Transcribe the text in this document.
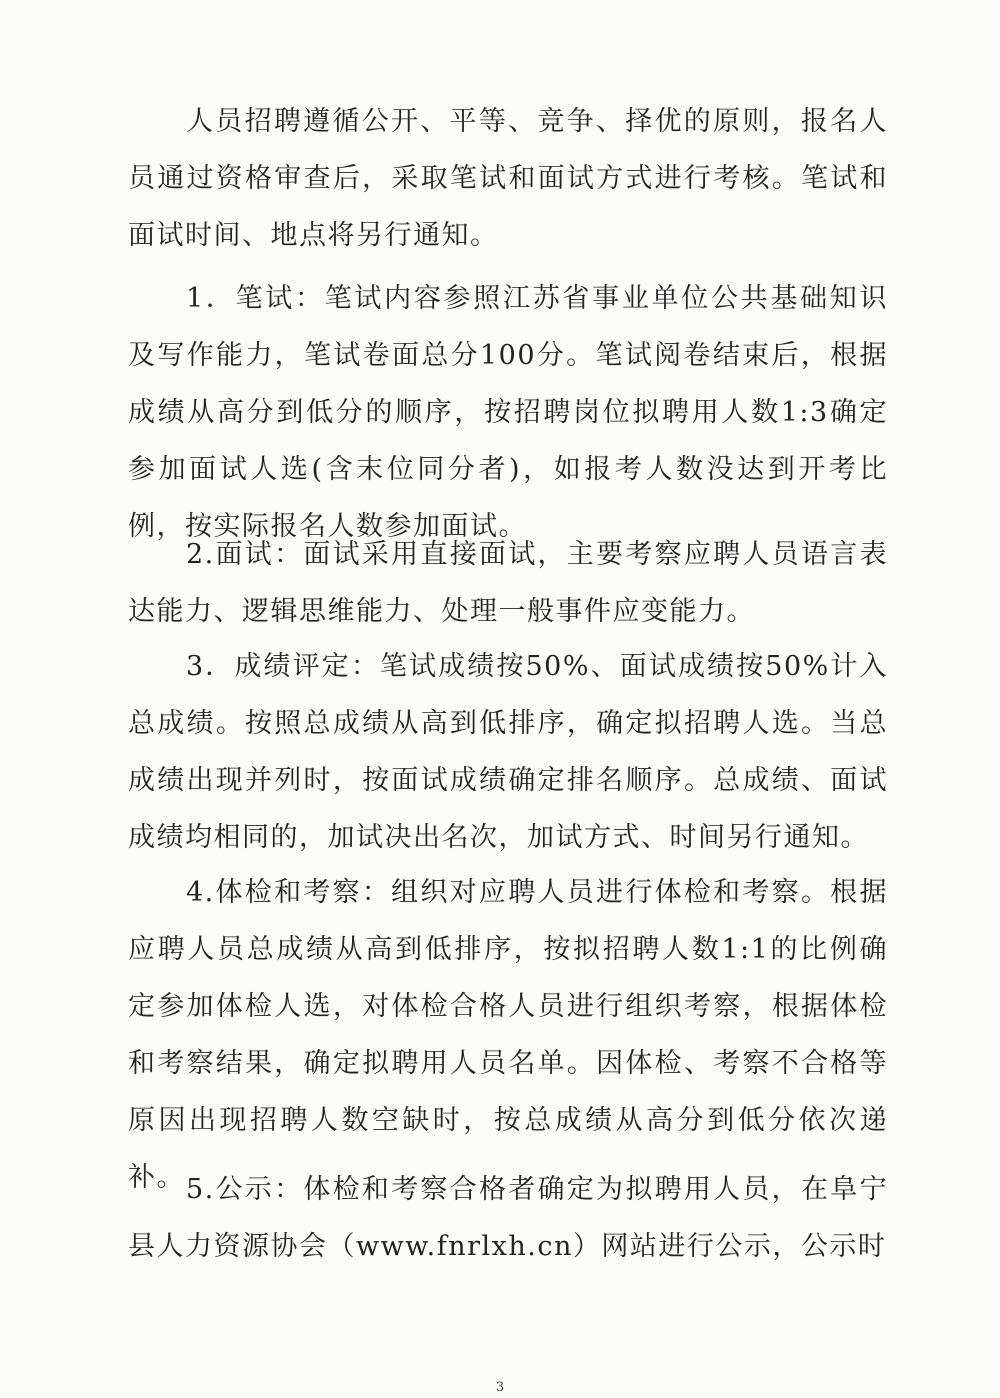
人员招聘遵循公开、平等、竞争、择优的原则，报名人员通过资格审查后，采取笔试和面试方式进行考核。笔试和面试时间、地点将另行通知。

1．笔试：笔试内容参照江苏省事业单位公共基础知识及写作能力，笔试卷面总分100分。笔试阅卷结束后，根据成绩从高分到低分的顺序，按招聘岗位拟聘用人数1:3确定参加面试人选(含末位同分者)，如报考人数没达到开考比例，按实际报名人数参加面试。

2.面试：面试采用直接面试，主要考察应聘人员语言表达能力、逻辑思维能力、处理一般事件应变能力。

3．成绩评定：笔试成绩按50%、面试成绩按50%计入总成绩。按照总成绩从高到低排序，确定拟招聘人选。当总成绩出现并列时，按面试成绩确定排名顺序。总成绩、面试成绩均相同的，加试决出名次，加试方式、时间另行通知。

4.体检和考察：组织对应聘人员进行体检和考察。根据应聘人员总成绩从高到低排序，按拟招聘人数1:1的比例确定参加体检人选，对体检合格人员进行组织考察，根据体检和考察结果，确定拟聘用人员名单。因体检、考察不合格等原因出现招聘人数空缺时，按总成绩从高分到低分依次递补。 5.公示：体检和考察合格者确定为拟聘用人员，在阜宁县人力资源协会（www.fnrlxh.cn）网站进行公示，公示时

3
